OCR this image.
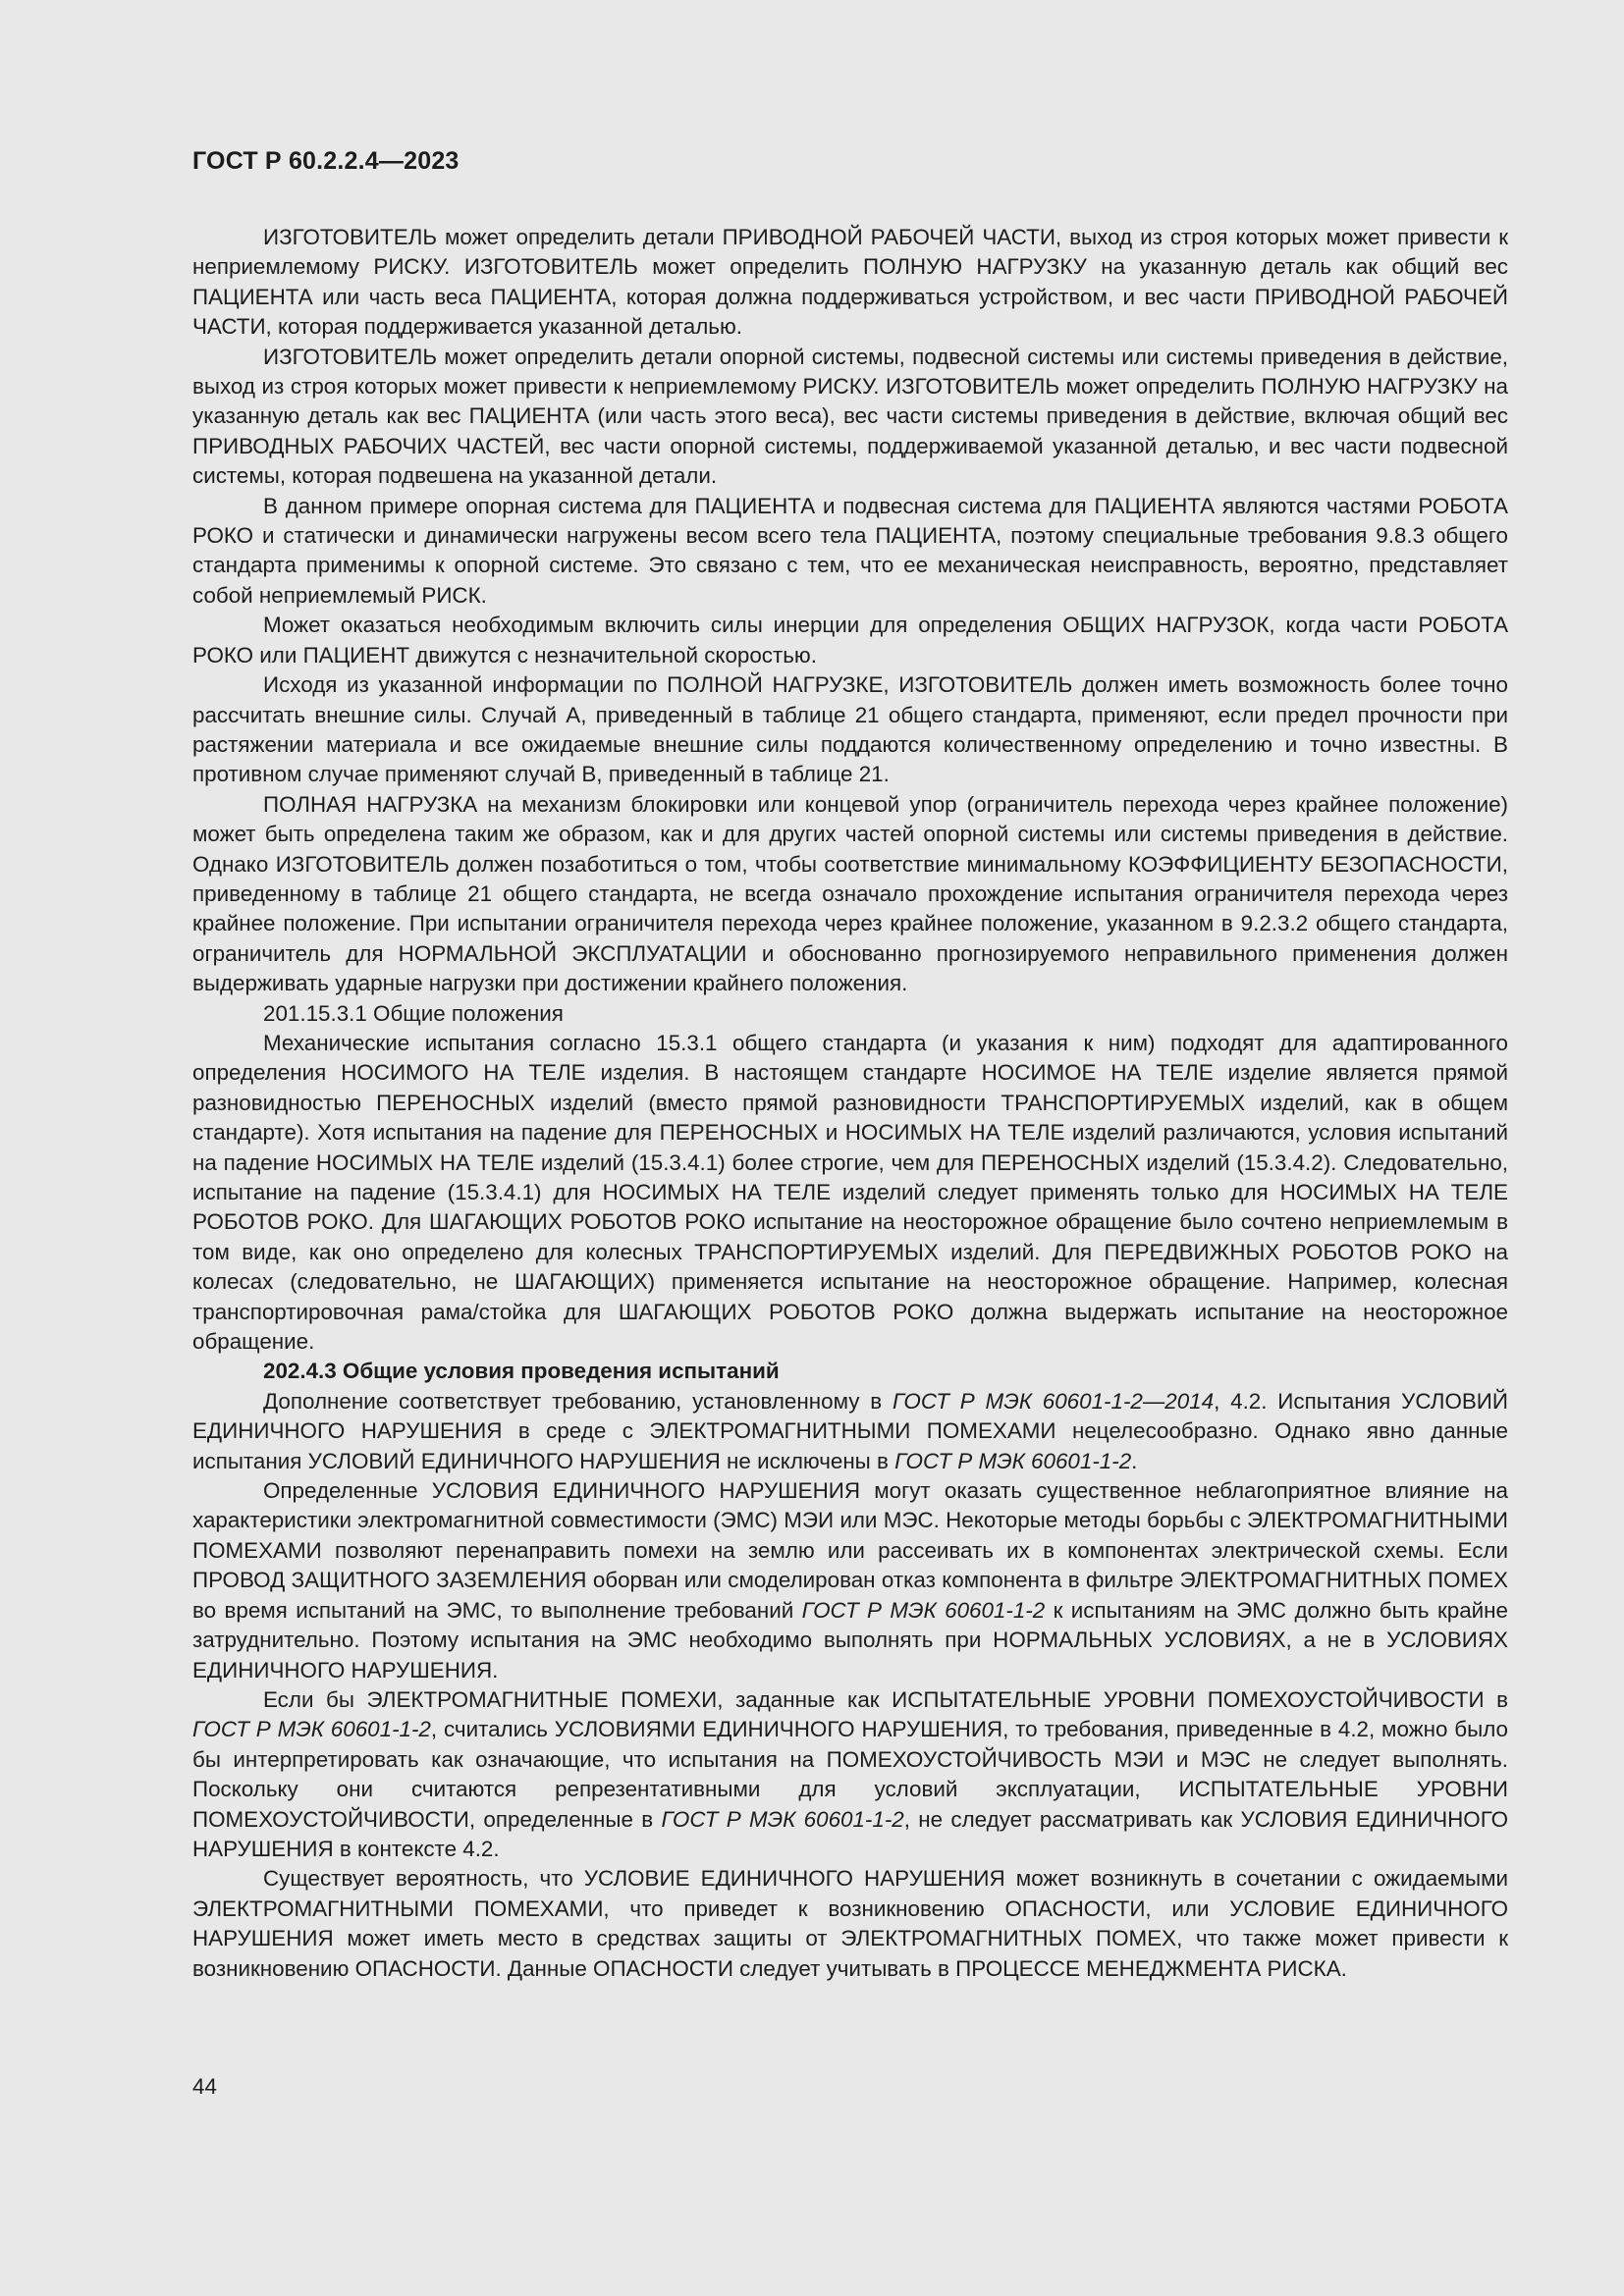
ГОСТ Р 60.2.2.4—2023

ИЗГОТОВИТЕЛЬ может определить детали ПРИВОДНОЙ РАБОЧЕЙ ЧАСТИ, выход из строя которых может привести к неприемлемому РИСКУ. ИЗГОТОВИТЕЛЬ может определить ПОЛНУЮ НАГРУЗКУ на указанную деталь как общий вес ПАЦИЕНТА или часть веса ПАЦИЕНТА, которая должна поддерживаться устройством, и вес части ПРИВОДНОЙ РАБОЧЕЙ ЧАСТИ, которая поддерживается указанной деталью.

ИЗГОТОВИТЕЛЬ может определить детали опорной системы, подвесной системы или системы приведения в действие, выход из строя которых может привести к неприемлемому РИСКУ. ИЗГОТОВИТЕЛЬ может определить ПОЛНУЮ НАГРУЗКУ на указанную деталь как вес ПАЦИЕНТА (или часть этого веса), вес части системы приведения в действие, включая общий вес ПРИВОДНЫХ РАБОЧИХ ЧАСТЕЙ, вес части опорной системы, поддерживаемой указанной деталью, и вес части подвесной системы, которая подвешена на указанной детали.

В данном примере опорная система для ПАЦИЕНТА и подвесная система для ПАЦИЕНТА являются частями РОБОТА РОКО и статически и динамически нагружены весом всего тела ПАЦИЕНТА, поэтому специальные требования 9.8.3 общего стандарта применимы к опорной системе. Это связано с тем, что ее механическая неисправность, вероятно, представляет собой неприемлемый РИСК.

Может оказаться необходимым включить силы инерции для определения ОБЩИХ НАГРУЗОК, когда части РОБОТА РОКО или ПАЦИЕНТ движутся с незначительной скоростью.

Исходя из указанной информации по ПОЛНОЙ НАГРУЗКЕ, ИЗГОТОВИТЕЛЬ должен иметь возможность более точно рассчитать внешние силы. Случай А, приведенный в таблице 21 общего стандарта, применяют, если предел прочности при растяжении материала и все ожидаемые внешние силы поддаются количественному определению и точно известны. В противном случае применяют случай В, приведенный в таблице 21.

ПОЛНАЯ НАГРУЗКА на механизм блокировки или концевой упор (ограничитель перехода через крайнее положение) может быть определена таким же образом, как и для других частей опорной системы или системы приведения в действие. Однако ИЗГОТОВИТЕЛЬ должен позаботиться о том, чтобы соответствие минимальному КОЭФФИЦИЕНТУ БЕЗОПАСНОСТИ, приведенному в таблице 21 общего стандарта, не всегда означало прохождение испытания ограничителя перехода через крайнее положение. При испытании ограничителя перехода через крайнее положение, указанном в 9.2.3.2 общего стандарта, ограничитель для НОРМАЛЬНОЙ ЭКСПЛУАТАЦИИ и обоснованно прогнозируемого неправильного применения должен выдерживать ударные нагрузки при достижении крайнего положения.

201.15.3.1 Общие положения

Механические испытания согласно 15.3.1 общего стандарта (и указания к ним) подходят для адаптированного определения НОСИМОГО НА ТЕЛЕ изделия. В настоящем стандарте НОСИМОЕ НА ТЕЛЕ изделие является прямой разновидностью ПЕРЕНОСНЫХ изделий (вместо прямой разновидности ТРАНСПОРТИРУЕМЫХ изделий, как в общем стандарте). Хотя испытания на падение для ПЕРЕНОСНЫХ и НОСИМЫХ НА ТЕЛЕ изделий различаются, условия испытаний на падение НОСИМЫХ НА ТЕЛЕ изделий (15.3.4.1) более строгие, чем для ПЕРЕНОСНЫХ изделий (15.3.4.2). Следовательно, испытание на падение (15.3.4.1) для НОСИМЫХ НА ТЕЛЕ изделий следует применять только для НОСИМЫХ НА ТЕЛЕ РОБОТОВ РОКО. Для ШАГАЮЩИХ РОБОТОВ РОКО испытание на неосторожное обращение было сочтено неприемлемым в том виде, как оно определено для колесных ТРАНСПОРТИРУЕМЫХ изделий. Для ПЕРЕДВИЖНЫХ РОБОТОВ РОКО на колесах (следовательно, не ШАГАЮЩИХ) применяется испытание на неосторожное обращение. Например, колесная транспортировочная рама/стойка для ШАГАЮЩИХ РОБОТОВ РОКО должна выдержать испытание на неосторожное обращение.

202.4.3 Общие условия проведения испытаний

Дополнение соответствует требованию, установленному в ГОСТ Р МЭК 60601-1-2—2014, 4.2. Испытания УСЛОВИЙ ЕДИНИЧНОГО НАРУШЕНИЯ в среде с ЭЛЕКТРОМАГНИТНЫМИ ПОМЕХАМИ нецелесообразно. Однако явно данные испытания УСЛОВИЙ ЕДИНИЧНОГО НАРУШЕНИЯ не исключены в ГОСТ Р МЭК 60601-1-2.

Определенные УСЛОВИЯ ЕДИНИЧНОГО НАРУШЕНИЯ могут оказать существенное неблагоприятное влияние на характеристики электромагнитной совместимости (ЭМС) МЭИ или МЭС. Некоторые методы борьбы с ЭЛЕКТРОМАГНИТНЫМИ ПОМЕХАМИ позволяют перенаправить помехи на землю или рассеивать их в компонентах электрической схемы. Если ПРОВОД ЗАЩИТНОГО ЗАЗЕМЛЕНИЯ оборван или смоделирован отказ компонента в фильтре ЭЛЕКТРОМАГНИТНЫХ ПОМЕХ во время испытаний на ЭМС, то выполнение требований ГОСТ Р МЭК 60601-1-2 к испытаниям на ЭМС должно быть крайне затруднительно. Поэтому испытания на ЭМС необходимо выполнять при НОРМАЛЬНЫХ УСЛОВИЯХ, а не в УСЛОВИЯХ ЕДИНИЧНОГО НАРУШЕНИЯ.

Если бы ЭЛЕКТРОМАГНИТНЫЕ ПОМЕХИ, заданные как ИСПЫТАТЕЛЬНЫЕ УРОВНИ ПОМЕХОУСТОЙЧИВОСТИ в ГОСТ Р МЭК 60601-1-2, считались УСЛОВИЯМИ ЕДИНИЧНОГО НАРУШЕНИЯ, то требования, приведенные в 4.2, можно было бы интерпретировать как означающие, что испытания на ПОМЕХОУСТОЙЧИВОСТЬ МЭИ и МЭС не следует выполнять. Поскольку они считаются репрезентативными для условий эксплуатации, ИСПЫТАТЕЛЬНЫЕ УРОВНИ ПОМЕХОУСТОЙЧИВОСТИ, определенные в ГОСТ Р МЭК 60601-1-2, не следует рассматривать как УСЛОВИЯ ЕДИНИЧНОГО НАРУШЕНИЯ в контексте 4.2.

Существует вероятность, что УСЛОВИЕ ЕДИНИЧНОГО НАРУШЕНИЯ может возникнуть в сочетании с ожидаемыми ЭЛЕКТРОМАГНИТНЫМИ ПОМЕХАМИ, что приведет к возникновению ОПАСНОСТИ, или УСЛОВИЕ ЕДИНИЧНОГО НАРУШЕНИЯ может иметь место в средствах защиты от ЭЛЕКТРОМАГНИТНЫХ ПОМЕХ, что также может привести к возникновению ОПАСНОСТИ. Данные ОПАСНОСТИ следует учитывать в ПРОЦЕССЕ МЕНЕДЖМЕНТА РИСКА.

44
